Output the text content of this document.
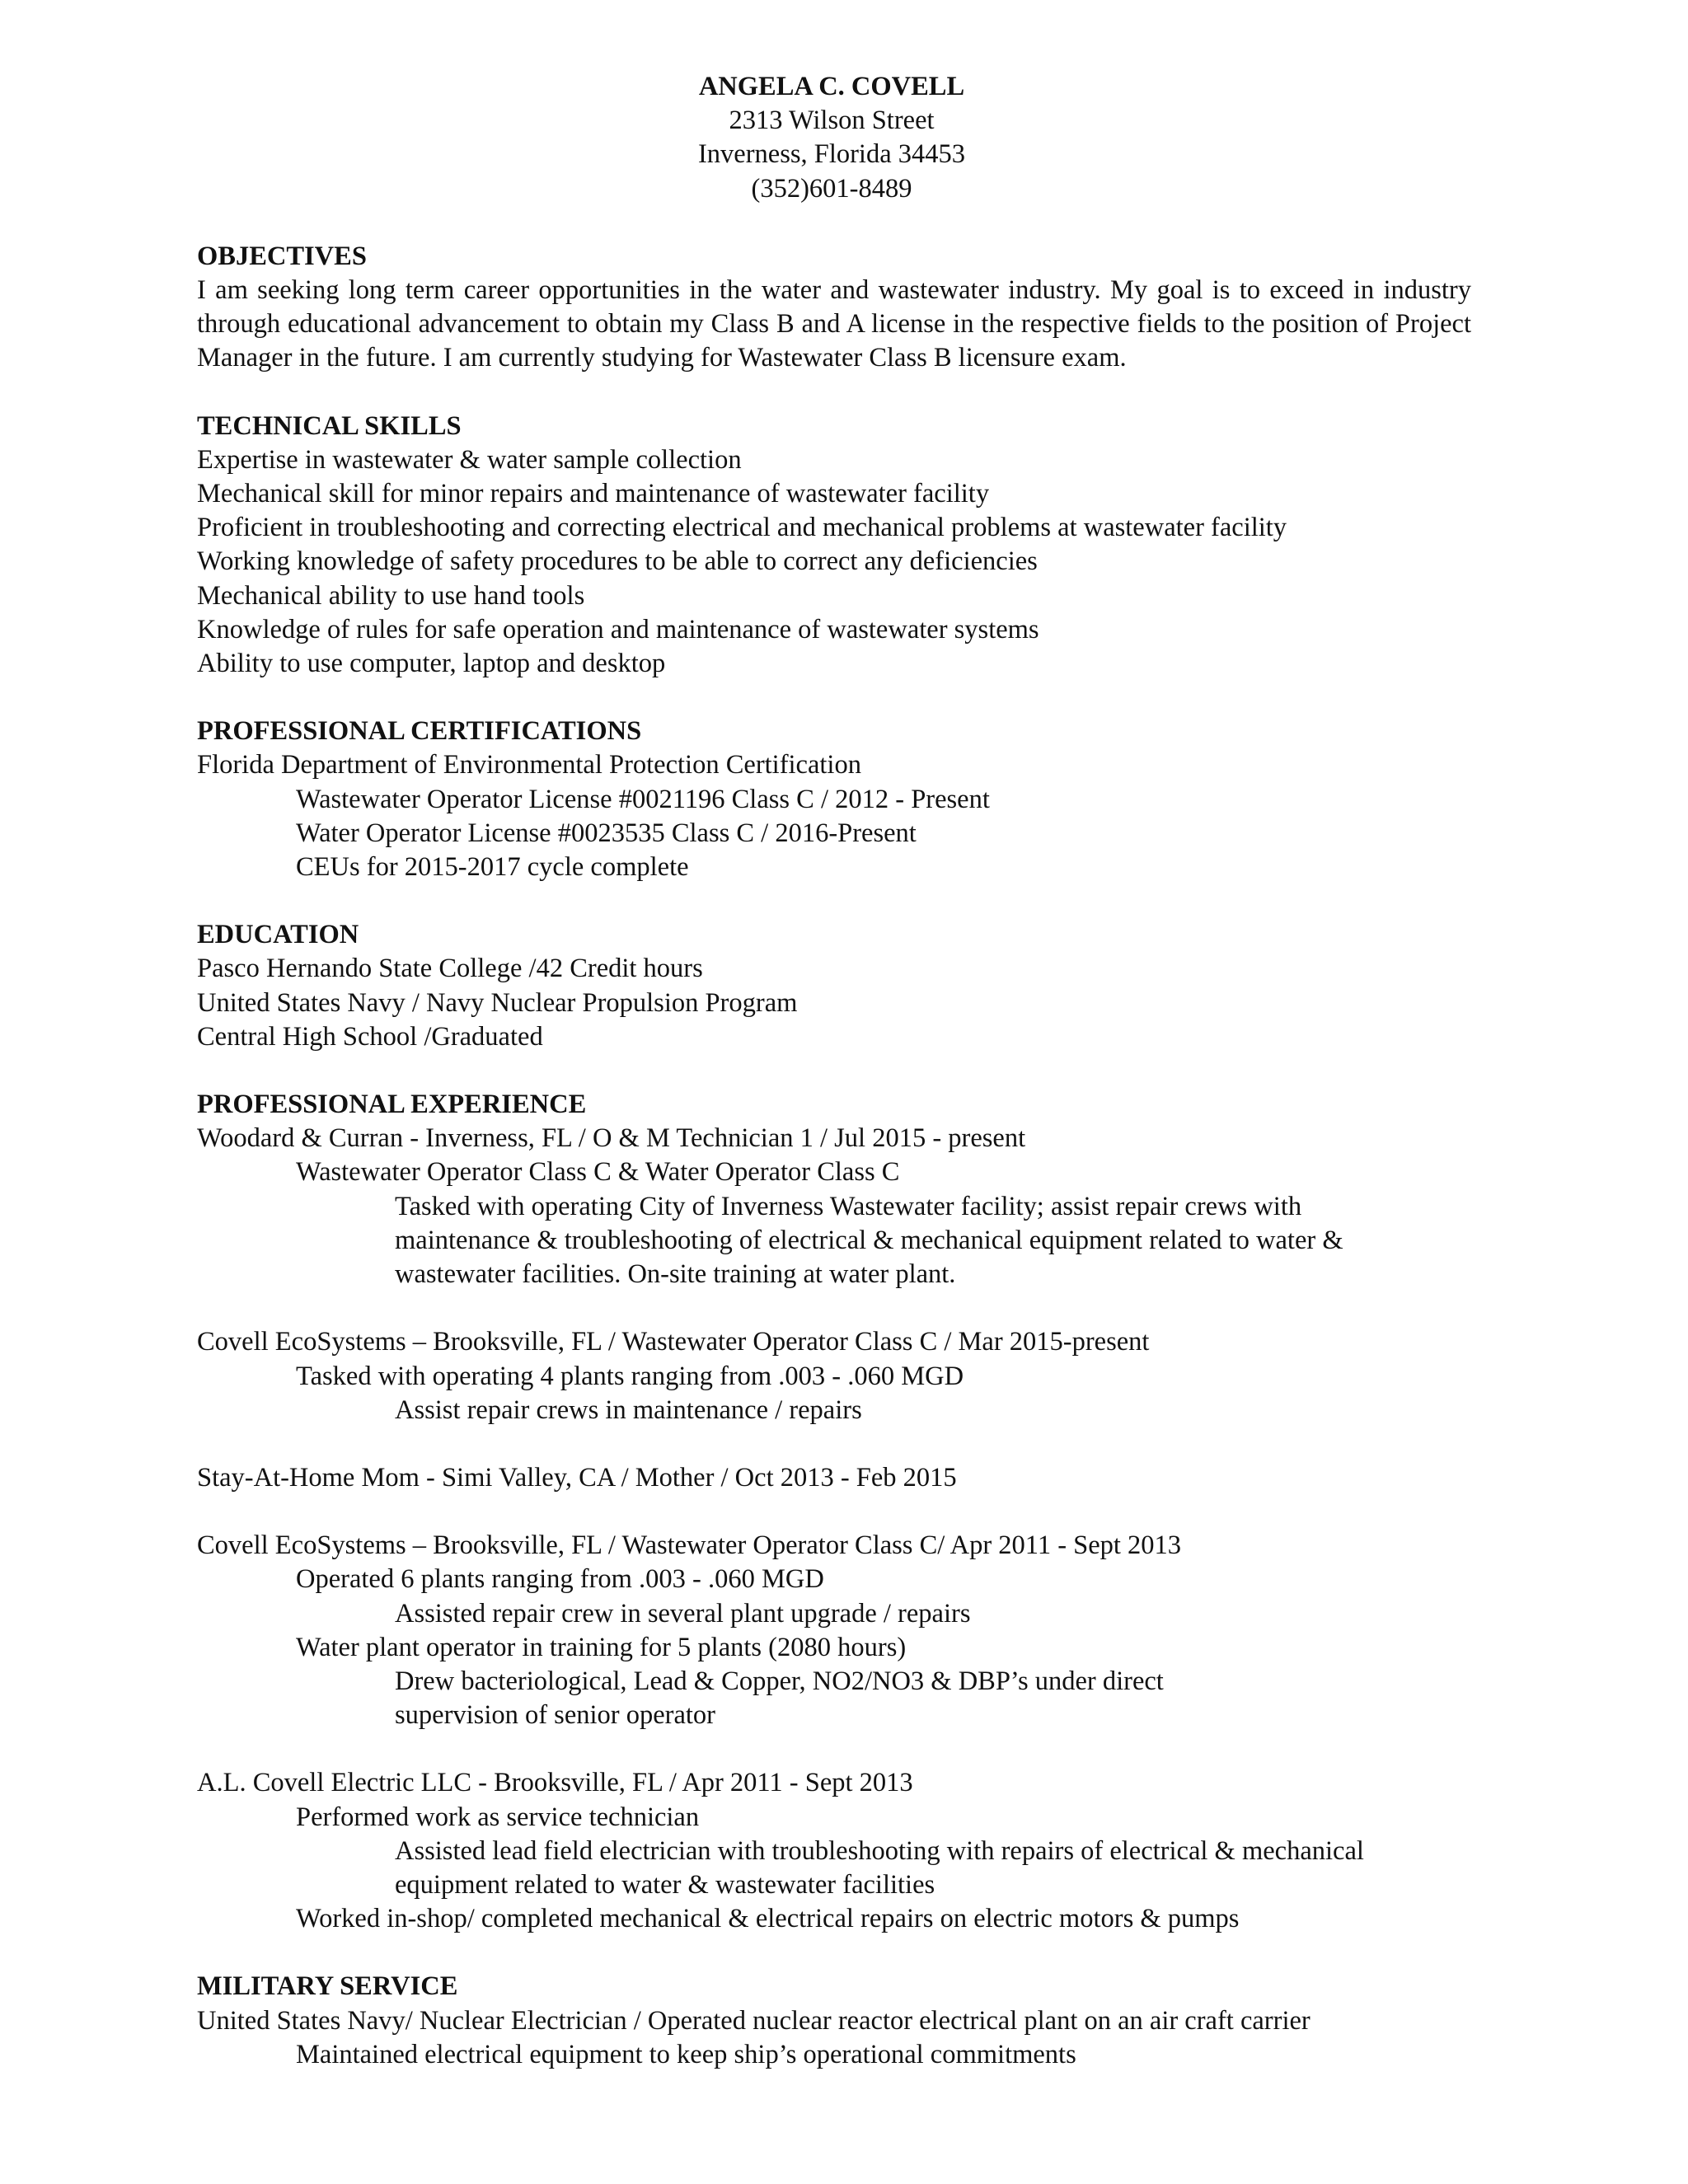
ANGELA C. COVELL
2313 Wilson Street
Inverness, Florida 34453
(352)601-8489
OBJECTIVES
I am seeking long term career opportunities in the water and wastewater industry. My goal is to exceed in industry through educational advancement to obtain my Class B and A license in the respective fields to the position of Project Manager in the future. I am currently studying for Wastewater Class B licensure exam.
TECHNICAL SKILLS
Expertise in wastewater & water sample collection
Mechanical skill for minor repairs and maintenance of wastewater facility
Proficient in troubleshooting and correcting electrical and mechanical problems at wastewater facility
Working knowledge of safety procedures to be able to correct any deficiencies
Mechanical ability to use hand tools
Knowledge of rules for safe operation and maintenance of wastewater systems
Ability to use computer, laptop and desktop
PROFESSIONAL CERTIFICATIONS
Florida Department of Environmental Protection Certification
Wastewater Operator License #0021196 Class C / 2012 - Present
Water Operator License #0023535 Class C / 2016-Present
CEUs for 2015-2017 cycle complete
EDUCATION
Pasco Hernando State College /42 Credit hours
United States Navy / Navy Nuclear Propulsion Program
Central High School /Graduated
PROFESSIONAL EXPERIENCE
Woodard & Curran - Inverness, FL / O & M Technician 1 / Jul 2015 - present
Wastewater Operator Class C & Water Operator Class C
Tasked with operating City of Inverness Wastewater facility; assist repair crews with
maintenance & troubleshooting of electrical & mechanical equipment related to water &
wastewater facilities. On-site training at water plant.
Covell EcoSystems – Brooksville, FL / Wastewater Operator Class C / Mar 2015-present
Tasked with operating 4 plants ranging from .003 - .060 MGD
Assist repair crews in maintenance / repairs
Stay-At-Home Mom - Simi Valley, CA / Mother / Oct 2013 - Feb 2015
Covell EcoSystems – Brooksville, FL / Wastewater Operator Class C/ Apr 2011 - Sept 2013
Operated 6 plants ranging from .003 - .060 MGD
Assisted repair crew in several plant upgrade / repairs
Water plant operator in training for 5 plants (2080 hours)
Drew bacteriological, Lead & Copper, NO2/NO3 & DBP’s under direct
supervision of senior operator
A.L. Covell Electric LLC - Brooksville, FL / Apr 2011 - Sept 2013
Performed work as service technician
Assisted lead field electrician with troubleshooting with repairs of electrical & mechanical
equipment related to water & wastewater facilities
Worked in-shop/ completed mechanical & electrical repairs on electric motors & pumps
MILITARY SERVICE
United States Navy/ Nuclear Electrician / Operated nuclear reactor electrical plant on an air craft carrier
Maintained electrical equipment to keep ship’s operational commitments
